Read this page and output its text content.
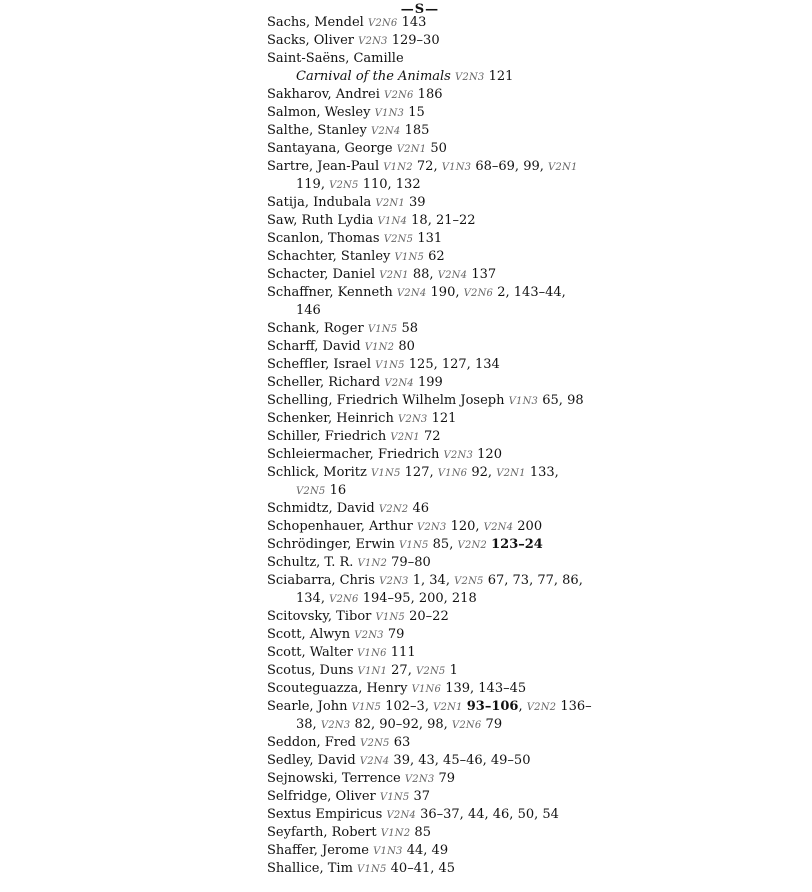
—S—
Sachs, Mendel V2N6 143
Sacks, Oliver V2N3 129–30
Saint-Saëns, Camille
Carnival of the Animals V2N3 121
Sakharov, Andrei V2N6 186
Salmon, Wesley V1N3 15
Salthe, Stanley V2N4 185
Santayana, George V2N1 50
Sartre, Jean-Paul V1N2 72, V1N3 68–69, 99, V2N1
119, V2N5 110, 132
Satija, Indubala V2N1 39
Saw, Ruth Lydia V1N4 18, 21–22
Scanlon, Thomas V2N5 131
Schachter, Stanley V1N5 62
Schacter, Daniel V2N1 88, V2N4 137
Schaffner, Kenneth V2N4 190, V2N6 2, 143–44,
146
Schank, Roger V1N5 58
Scharff, David V1N2 80
Scheffler, Israel V1N5 125, 127, 134
Scheller, Richard V2N4 199
Schelling, Friedrich Wilhelm Joseph V1N3 65, 98
Schenker, Heinrich V2N3 121
Schiller, Friedrich V2N1 72
Schleiermacher, Friedrich V2N3 120
Schlick, Moritz V1N5 127, V1N6 92, V2N1 133,
V2N5 16
Schmidtz, David V2N2 46
Schopenhauer, Arthur V2N3 120, V2N4 200
Schrödinger, Erwin V1N5 85, V2N2 123–24
Schultz, T. R. V1N2 79–80
Sciabarra, Chris V2N3 1, 34, V2N5 67, 73, 77, 86,
134, V2N6 194–95, 200, 218
Scitovsky, Tibor V1N5 20–22
Scott, Alwyn V2N3 79
Scott, Walter V1N6 111
Scotus, Duns V1N1 27, V2N5 1
Scouteguazza, Henry V1N6 139, 143–45
Searle, John V1N5 102–3, V2N1 93–106, V2N2 136–
38, V2N3 82, 90–92, 98, V2N6 79
Seddon, Fred V2N5 63
Sedley, David V2N4 39, 43, 45–46, 49–50
Sejnowski, Terrence V2N3 79
Selfridge, Oliver V1N5 37
Sextus Empiricus V2N4 36–37, 44, 46, 50, 54
Seyfarth, Robert V1N2 85
Shaffer, Jerome V1N3 44, 49
Shallice, Tim V1N5 40–41, 45
